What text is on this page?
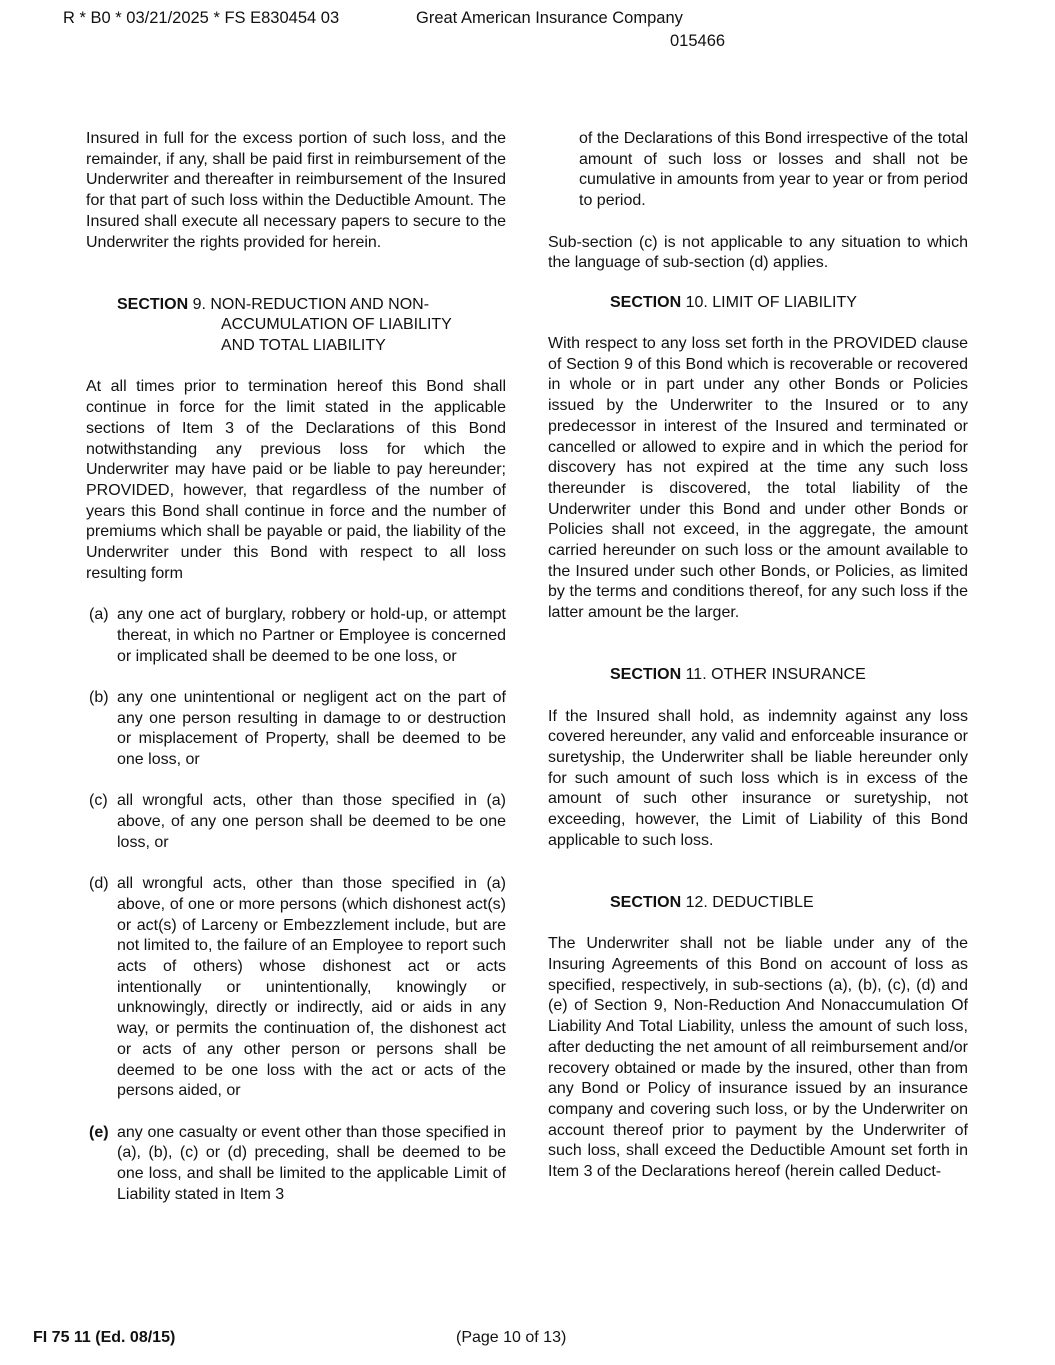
R * B0 * 03/21/2025 * FS E830454 03	Great American Insurance Company
015466

Insured in full for the excess portion of such loss, and the remainder, if any, shall be paid first in reimbursement of the Underwriter and thereafter in reimbursement of the Insured for that part of such loss within the Deductible Amount. The Insured shall execute all necessary papers to secure to the Underwriter the rights provided for herein.

SECTION 9. NON-REDUCTION AND NON-
ACCUMULATION OF LIABILITY
AND TOTAL LIABILITY

At all times prior to termination hereof this Bond shall continue in force for the limit stated in the applicable sections of Item 3 of the Declarations of this Bond notwithstanding any previous loss for which the Underwriter may have paid or be liable to pay hereunder; PROVIDED, however, that regardless of the number of years this Bond shall continue in force and the number of premiums which shall be payable or paid, the liability of the Underwriter under this Bond with respect to all loss resulting form

(a) any one act of burglary, robbery or hold-up, or attempt thereat, in which no Partner or Employee is concerned or implicated shall be deemed to be one loss, or
(b) any one unintentional or negligent act on the part of any one person resulting in damage to or destruction or misplacement of Property, shall be deemed to be one loss, or
(c) all wrongful acts, other than those specified in (a) above, of any one person shall be deemed to be one loss, or
(d) all wrongful acts, other than those specified in (a) above, of one or more persons (which dishonest act(s) or act(s) of Larceny or Embezzlement include, but are not limited to, the failure of an Employee to report such acts of others) whose dishonest act or acts intentionally or unintentionally, knowingly or unknowingly, directly or indirectly, aid or aids in any way, or permits the continuation of, the dishonest act or acts of any other person or persons shall be deemed to be one loss with the act or acts of the persons aided, or
(e) any one casualty or event other than those specified in (a), (b), (c) or (d) preceding, shall be deemed to be one loss, and shall be limited to the applicable Limit of Liability stated in Item 3

of the Declarations of this Bond irrespective of the total amount of such loss or losses and shall not be cumulative in amounts from year to year or from period to period.

Sub-section (c) is not applicable to any situation to which the language of sub-section (d) applies.

SECTION 10. LIMIT OF LIABILITY

With respect to any loss set forth in the PROVIDED clause of Section 9 of this Bond which is recoverable or recovered in whole or in part under any other Bonds or Policies issued by the Underwriter to the Insured or to any predecessor in interest of the Insured and terminated or cancelled or allowed to expire and in which the period for discovery has not expired at the time any such loss thereunder is discovered, the total liability of the Underwriter under this Bond and under other Bonds or Policies shall not exceed, in the aggregate, the amount carried hereunder on such loss or the amount available to the Insured under such other Bonds, or Policies, as limited by the terms and conditions thereof, for any such loss if the latter amount be the larger.

SECTION 11. OTHER INSURANCE

If the Insured shall hold, as indemnity against any loss covered hereunder, any valid and enforceable insurance or suretyship, the Underwriter shall be liable hereunder only for such amount of such loss which is in excess of the amount of such other insurance or suretyship, not exceeding, however, the Limit of Liability of this Bond applicable to such loss.

SECTION 12. DEDUCTIBLE

The Underwriter shall not be liable under any of the Insuring Agreements of this Bond on account of loss as specified, respectively, in sub-sections (a), (b), (c), (d) and (e) of Section 9, Non-Reduction And Nonaccumulation Of Liability And Total Liability, unless the amount of such loss, after deducting the net amount of all reimbursement and/or recovery obtained or made by the insured, other than from any Bond or Policy of insurance issued by an insurance company and covering such loss, or by the Underwriter on account thereof prior to payment by the Underwriter of such loss, shall exceed the Deductible Amount set forth in Item 3 of the Declarations hereof (herein called Deduct-

FI 75 11 (Ed. 08/15)	(Page 10 of 13)
